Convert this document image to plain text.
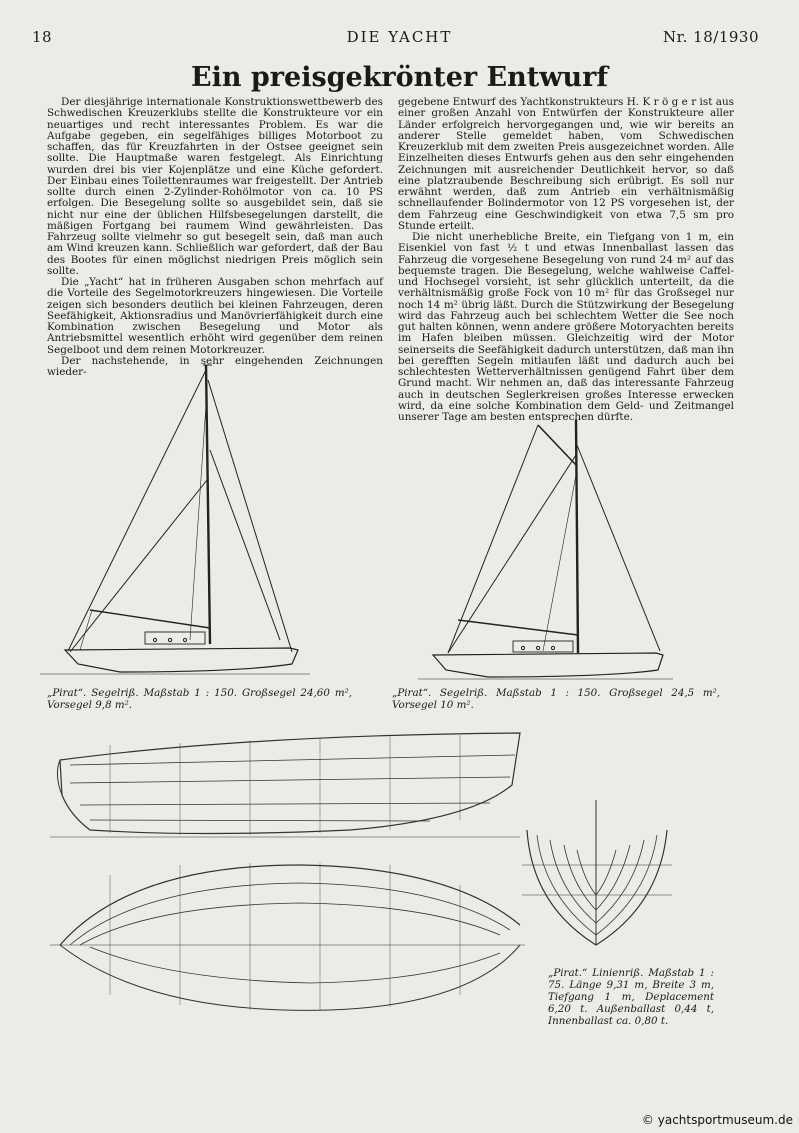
18	DIE YACHT	Nr. 18/1930
Ein preisgekrönter Entwurf

Der diesjährige internationale Konstruktionswettbewerb des Schwedischen Kreuzerklubs stellte die Konstrukteure vor ein neuartiges und recht interessantes Problem. Es war die Aufgabe gegeben, ein segelfähiges billiges Motorboot zu schaffen, das für Kreuzfahrten in der Ostsee geeignet sein sollte. Die Hauptmaße waren festgelegt. Als Einrichtung wurden drei bis vier Kojenplätze und eine Küche gefordert. Der Einbau eines Toilettenraumes war freigestellt. Der Antrieb sollte durch einen 2-Zylinder-Rohölmotor von ca. 10 PS erfolgen. Die Besegelung sollte so ausgebildet sein, daß sie nicht nur eine der üblichen Hilfsbesegelungen darstellt, die mäßigen Fortgang bei raumem Wind gewährleisten. Das Fahrzeug sollte vielmehr so gut besegelt sein, daß man auch am Wind kreuzen kann. Schließlich war gefordert, daß der Bau des Bootes für einen möglichst niedrigen Preis möglich sein sollte.

Die „Yacht“ hat in früheren Ausgaben schon mehrfach auf die Vorteile des Segelmotorkreuzers hingewiesen. Die Vorteile zeigen sich besonders deutlich bei kleinen Fahrzeugen, deren Seefähigkeit, Aktionsradius und Manövrierfähigkeit durch eine Kombination zwischen Besegelung und Motor als Antriebsmittel wesentlich erhöht wird gegenüber dem reinen Segelboot und dem reinen Motorkreuzer.

Der nachstehende, in sehr eingehenden Zeichnungen wieder-

gegebene Entwurf des Yachtkonstrukteurs H. K r ö g e r ist aus einer großen Anzahl von Entwürfen der Konstrukteure aller Länder erfolgreich hervorgegangen und, wie wir bereits an anderer Stelle gemeldet haben, vom Schwedischen Kreuzerklub mit dem zweiten Preis ausgezeichnet worden. Alle Einzelheiten dieses Entwurfs gehen aus den sehr eingehenden Zeichnungen mit ausreichender Deutlichkeit hervor, so daß eine platzraubende Beschreibung sich erübrigt. Es soll nur erwähnt werden, daß zum Antrieb ein verhältnismäßig schnellaufender Bolindermotor von 12 PS vorgesehen ist, der dem Fahrzeug eine Geschwindigkeit von etwa 7,5 sm pro Stunde erteilt.

Die nicht unerhebliche Breite, ein Tiefgang von 1 m, ein Eisenkiel von fast ½ t und etwas Innenballast lassen das Fahrzeug die vorgesehene Besegelung von rund 24 m² auf das bequemste tragen. Die Besegelung, welche wahlweise Caffel- und Hochsegel vorsieht, ist sehr glücklich unterteilt, da die verhältnismäßig große Fock von 10 m² für das Großsegel nur noch 14 m² übrig läßt. Durch die Stützwirkung der Besegelung wird das Fahrzeug auch bei schlechtem Wetter die See noch gut halten können, wenn andere größere Motoryachten bereits im Hafen bleiben müssen. Gleichzeitig wird der Motor seinerseits die Seefähigkeit dadurch unterstützen, daß man ihn bei gerefften Segeln mitlaufen läßt und dadurch auch bei schlechtesten Wetterverhältnissen genügend Fahrt über dem Grund macht. Wir nehmen an, daß das interessante Fahrzeug auch in deutschen Seglerkreisen großes Interesse erwecken wird, da eine solche Kombination dem Geld- und Zeitmangel unserer Tage am besten entsprechen dürfte.

„Pirat“. Segelriß. Maßstab 1 : 150. Großsegel 24,60 m², Vorsegel 9,8 m².
„Pirat“. Segelriß. Maßstab 1 : 150. Großsegel 24,5 m², Vorsegel 10 m².
„Pirat.“ Linienriß. Maßstab 1 : 75. Länge 9,31 m, Breite 3 m, Tiefgang 1 m, Deplacement 6,20 t. Außenballast 0,44 t, Innenballast ca. 0,80 t.
© yachtsportmuseum.de
